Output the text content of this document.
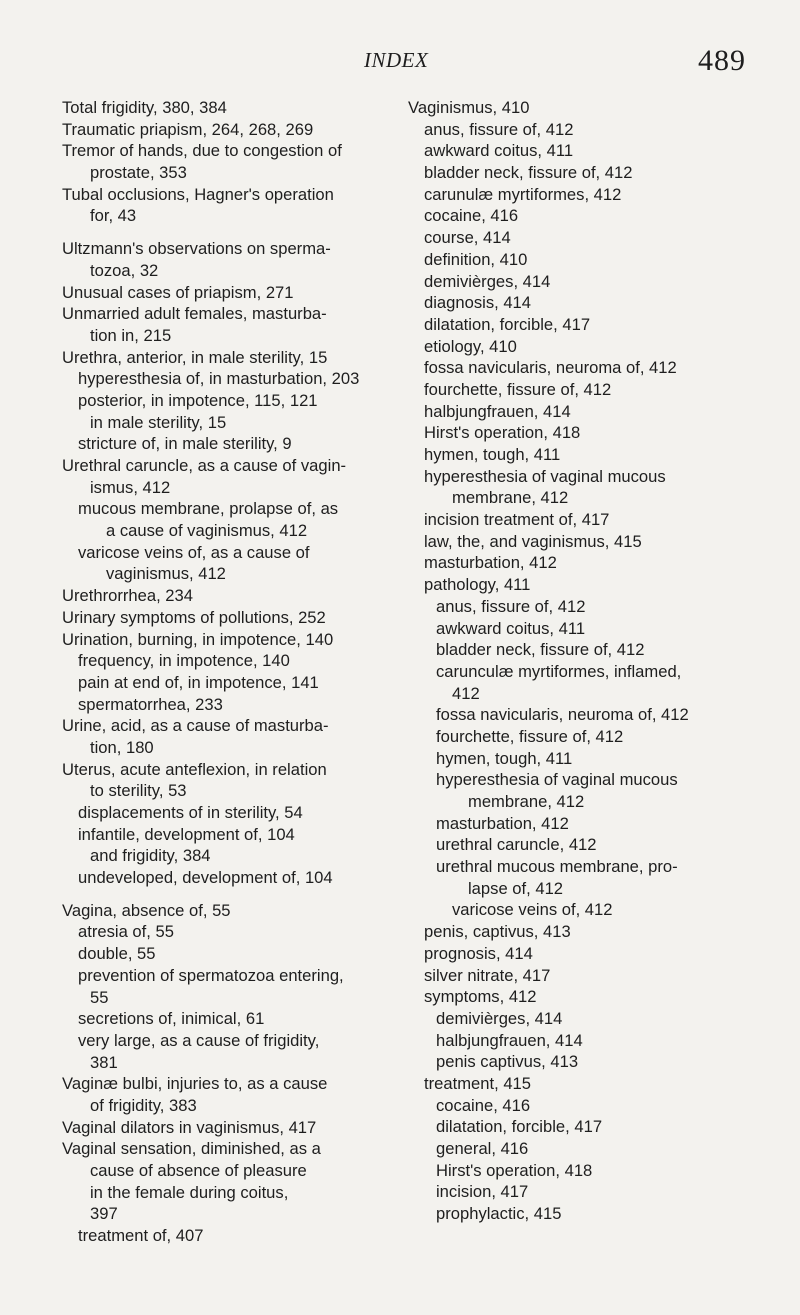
INDEX	489
Total frigidity, 380, 384
Traumatic priapism, 264, 268, 269
Tremor of hands, due to congestion of
prostate, 353
Tubal occlusions, Hagner's operation
for, 43
Ultzmann's observations on sperma-
tozoa, 32
Unusual cases of priapism, 271
Unmarried adult females, masturba-
tion in, 215
Urethra, anterior, in male sterility, 15
hyperesthesia of, in masturbation, 203
posterior, in impotence, 115, 121
in male sterility, 15
stricture of, in male sterility, 9
Urethral caruncle, as a cause of vagin-
ismus, 412
mucous membrane, prolapse of, as
a cause of vaginismus, 412
varicose veins of, as a cause of
vaginismus, 412
Urethrorrhea, 234
Urinary symptoms of pollutions, 252
Urination, burning, in impotence, 140
frequency, in impotence, 140
pain at end of, in impotence, 141
spermatorrhea, 233
Urine, acid, as a cause of masturba-
tion, 180
Uterus, acute anteflexion, in relation
to sterility, 53
displacements of in sterility, 54
infantile, development of, 104
and frigidity, 384
undeveloped, development of, 104
Vagina, absence of, 55
atresia of, 55
double, 55
prevention of spermatozoa entering,
55
secretions of, inimical, 61
very large, as a cause of frigidity,
381
Vaginæ bulbi, injuries to, as a cause
of frigidity, 383
Vaginal dilators in vaginismus, 417
Vaginal sensation, diminished, as a
cause of absence of pleasure
in the female during coitus,
397
treatment of, 407
Vaginismus, 410
anus, fissure of, 412
awkward coitus, 411
bladder neck, fissure of, 412
carunulæ myrtiformes, 412
cocaine, 416
course, 414
definition, 410
demivièrges, 414
diagnosis, 414
dilatation, forcible, 417
etiology, 410
fossa navicularis, neuroma of, 412
fourchette, fissure of, 412
halbjungfrauen, 414
Hirst's operation, 418
hymen, tough, 411
hyperesthesia of vaginal mucous
membrane, 412
incision treatment of, 417
law, the, and vaginismus, 415
masturbation, 412
pathology, 411
anus, fissure of, 412
awkward coitus, 411
bladder neck, fissure of, 412
carunculæ myrtiformes, inflamed,
412
fossa navicularis, neuroma of, 412
fourchette, fissure of, 412
hymen, tough, 411
hyperesthesia of vaginal mucous
membrane, 412
masturbation, 412
urethral caruncle, 412
urethral mucous membrane, pro-
lapse of, 412
varicose veins of, 412
penis, captivus, 413
prognosis, 414
silver nitrate, 417
symptoms, 412
demivièrges, 414
halbjungfrauen, 414
penis captivus, 413
treatment, 415
cocaine, 416
dilatation, forcible, 417
general, 416
Hirst's operation, 418
incision, 417
prophylactic, 415
